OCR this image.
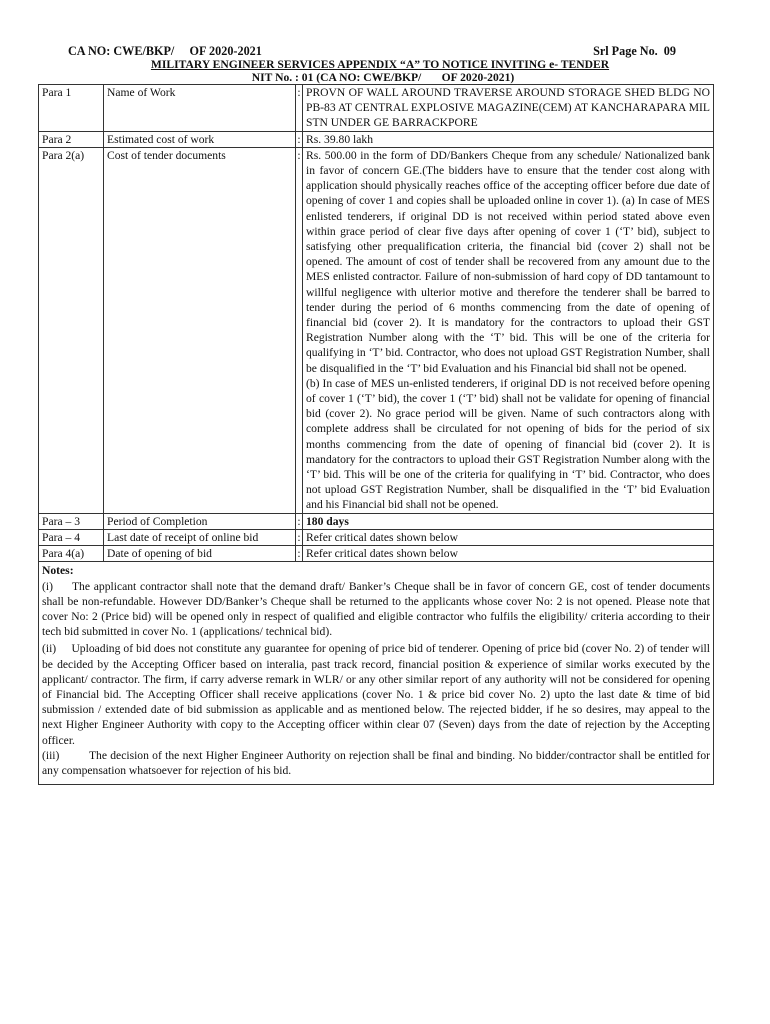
CA NO: CWE/BKP/     OF 2020-2021	Srl Page No.  09
MILITARY ENGINEER SERVICES APPENDIX “A” TO NOTICE INVITING e- TENDER
NIT No. : 01 (CA NO: CWE/BKP/       OF 2020-2021)
Para 1	Name of Work	:	PROVN OF WALL AROUND TRAVERSE AROUND STORAGE SHED BLDG NO PB-83 AT CENTRAL EXPLOSIVE MAGAZINE(CEM) AT KANCHARAPARA MIL STN UNDER GE BARRACKPORE
Para 2	Estimated cost of work	:	Rs. 39.80 lakh
Para 2(a)	Cost of tender documents	:	Rs. 500.00 in the form of DD/Bankers Cheque from any schedule/ Nationalized bank in favor of concern GE.(The bidders have to ensure that the tender cost along with application should physically reaches office of the accepting officer before due date of opening of cover 1 and copies shall be uploaded online in cover 1). (a) In case of MES enlisted tenderers, if original DD is not received within period stated above even within grace period of clear five days after opening of cover 1 (‘T’ bid), subject to satisfying other prequalification criteria, the financial bid (cover 2) shall not be opened. The amount of cost of tender shall be recovered from any amount due to the MES enlisted contractor. Failure of non-submission of hard copy of DD tantamount to willful negligence with ulterior motive and therefore the tenderer shall be barred to tender during the period of 6 months commencing from the date of opening of financial bid (cover 2). It is mandatory for the contractors to upload their GST Registration Number along with the ‘T’ bid. This will be one of the criteria for qualifying in ‘T’ bid. Contractor, who does not upload GST Registration Number, shall be disqualified in the ‘T’ bid Evaluation and his Financial bid shall not be opened.
(b) In case of MES un-enlisted tenderers, if original DD is not received before opening of cover 1 (‘T’ bid), the cover 1 (‘T’ bid) shall not be validate for opening of financial bid (cover 2). No grace period will be given. Name of such contractors along with complete address shall be circulated for not opening of bids for the period of six months commencing from the date of opening of financial bid (cover 2). It is mandatory for the contractors to upload their GST Registration Number along with the ‘T’ bid. This will be one of the criteria for qualifying in ‘T’ bid. Contractor, who does not upload GST Registration Number, shall be disqualified in the ‘T’ bid Evaluation and his Financial bid shall not be opened.

Para – 3	Period of Completion	:	180 days
Para – 4	Last date of receipt of online bid	:	Refer critical dates shown below
Para 4(a)	Date of opening of bid	:	Refer critical dates shown below

Notes:

(i) The applicant contractor shall note that the demand draft/ Banker’s Cheque shall be in favor of concern GE, cost of tender documents shall be non-refundable. However DD/Banker’s Cheque shall be returned to the applicants whose cover No: 2 is not opened. Please note that cover No: 2 (Price bid) will be opened only in respect of qualified and eligible contractor who fulfils the eligibility/ criteria according to their tech bid submitted in cover No. 1 (applications/ technical bid).

(ii) Uploading of bid does not constitute any guarantee for opening of price bid of tenderer. Opening of price bid (cover No. 2) of tender will be decided by the Accepting Officer based on interalia, past track record, financial position & experience of similar works executed by the applicant/ contractor. The firm, if carry adverse remark in WLR/ or any other similar report of any authority will not be considered for opening of Financial bid. The Accepting Officer shall receive applications (cover No. 1 & price bid cover No. 2) upto the last date & time of bid submission / extended date of bid submission as applicable and as mentioned below. The rejected bidder, if he so desires, may appeal to the next Higher Engineer Authority with copy to the Accepting officer within clear 07 (Seven) days from the date of rejection by the Accepting officer.

(iii)	The decision of the next Higher Engineer Authority on rejection shall be final and binding. No bidder/contractor shall be entitled for any compensation whatsoever for rejection of his bid.
